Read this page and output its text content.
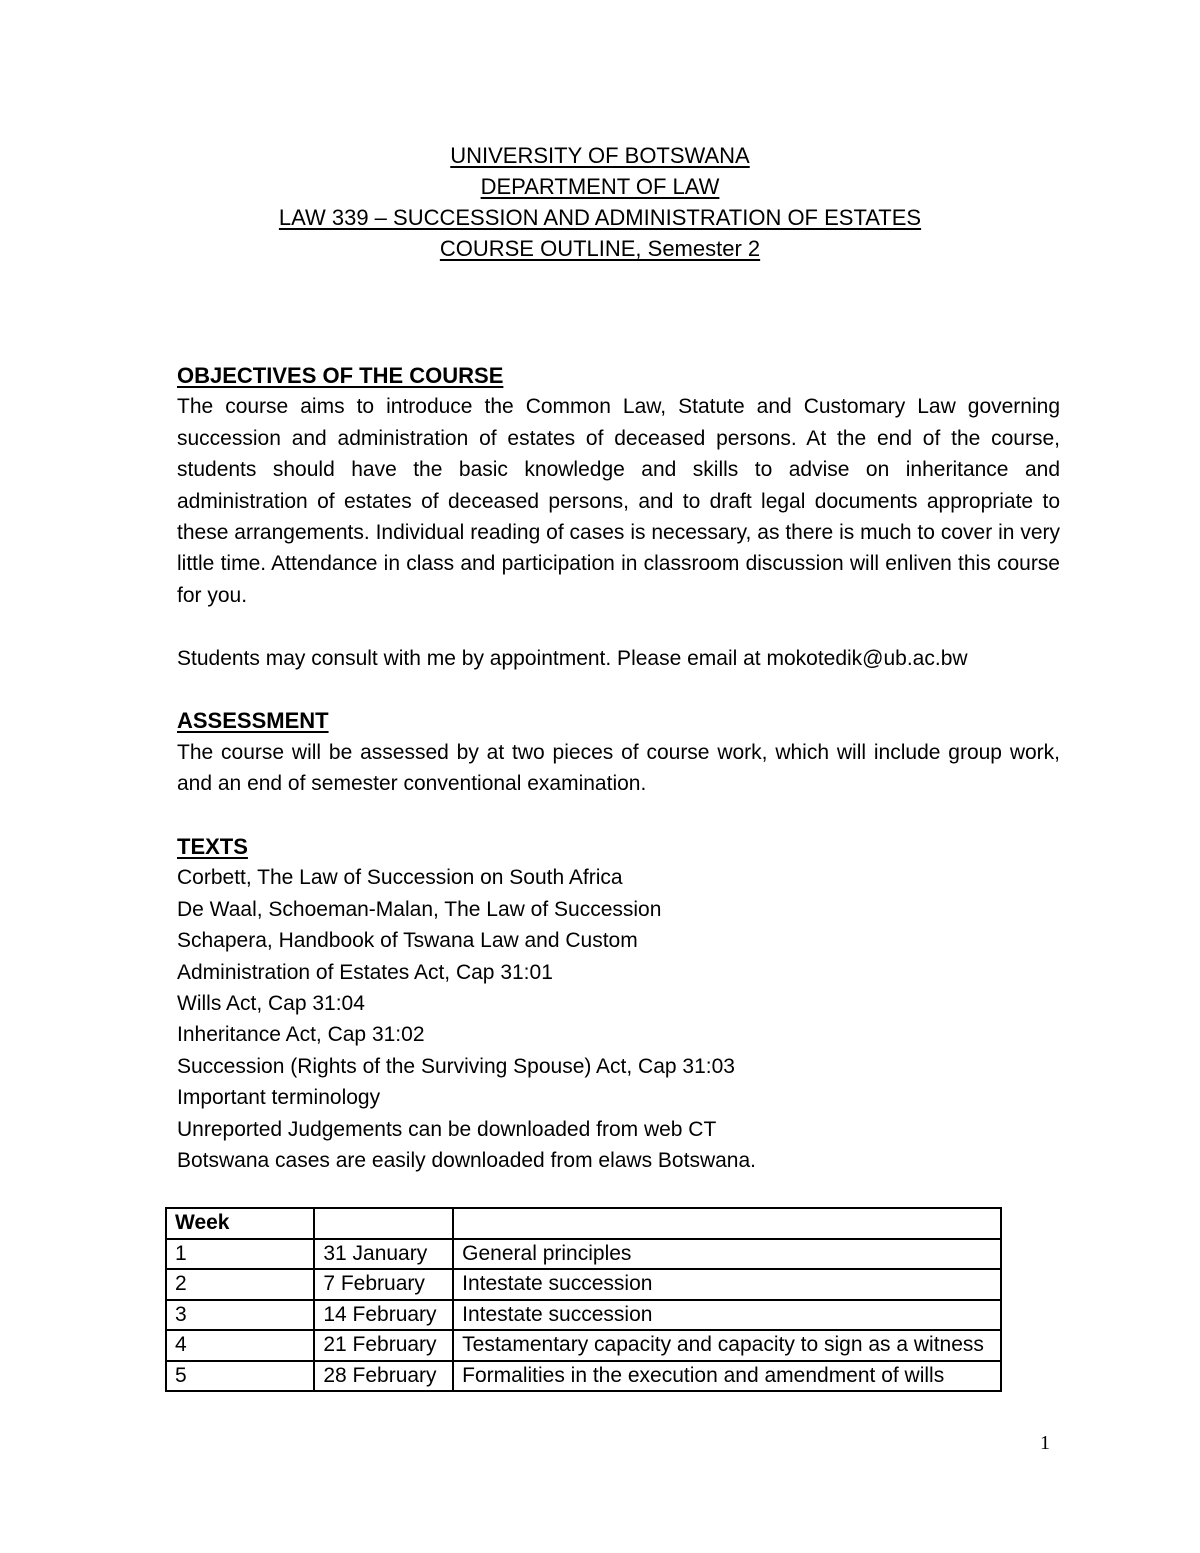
UNIVERSITY OF BOTSWANA
DEPARTMENT OF LAW
LAW 339 – SUCCESSION AND ADMINISTRATION OF ESTATES
COURSE OUTLINE, Semester 2

OBJECTIVES OF THE COURSE

The course aims to introduce the Common Law, Statute and Customary Law governing succession and administration of estates of deceased persons. At the end of the course, students should have the basic knowledge and skills to advise on inheritance and administration of estates of deceased persons, and to draft legal documents appropriate to these arrangements. Individual reading of cases is necessary, as there is much to cover in very little time. Attendance in class and participation in classroom discussion will enliven this course for you.

Students may consult with me by appointment. Please email at mokotedik@ub.ac.bw

ASSESSMENT

The course will be assessed by at two pieces of course work, which will include group work, and an end of semester conventional examination.

TEXTS

Corbett, The Law of Succession on South Africa
De Waal, Schoeman-Malan, The Law of Succession
Schapera, Handbook of Tswana Law and Custom
Administration of Estates Act, Cap 31:01
Wills Act, Cap 31:04
Inheritance Act, Cap 31:02
Succession (Rights of the Surviving Spouse) Act, Cap 31:03
Important terminology
Unreported Judgements can be downloaded from web CT
Botswana cases are easily downloaded from elaws Botswana.
Week		
1	31 January	General principles
2	7 February	Intestate succession
3	14 February	Intestate succession
4	21 February	Testamentary capacity and capacity to sign as a witness
5	28 February	Formalities in the execution and amendment of wills
1
